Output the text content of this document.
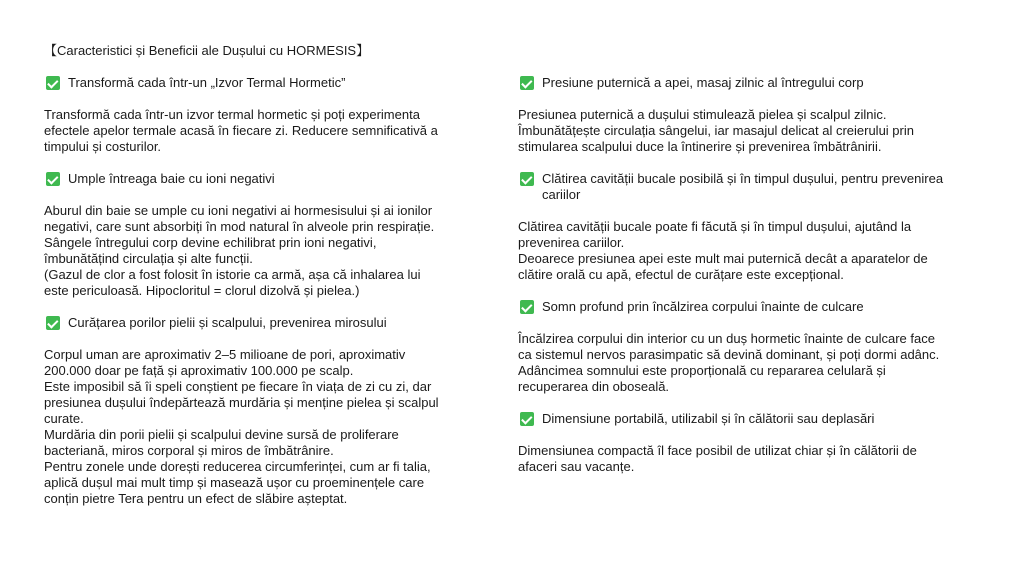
【Caracteristici și Beneficii ale Dușului cu HORMESIS】
Transformă cada într-un „Izvor Termal Hormetic”

Transformă cada într-un izvor termal hormetic și poți experimenta

efectele apelor termale acasă în fiecare zi. Reducere semnificativă a

timpului și costurilor.

Umple întreaga baie cu ioni negativi

Aburul din baie se umple cu ioni negativi ai hormesisului și ai ionilor

negativi, care sunt absorbiți în mod natural în alveole prin respirație.

Sângele întregului corp devine echilibrat prin ioni negativi,

îmbunătățind circulația și alte funcții.

(Gazul de clor a fost folosit în istorie ca armă, așa că inhalarea lui

este periculoasă. Hipocloritul = clorul dizolvă și pielea.)

Curățarea porilor pielii și scalpului, prevenirea mirosului

Corpul uman are aproximativ 2–5 milioane de pori, aproximativ

200.000 doar pe față și aproximativ 100.000 pe scalp.

Este imposibil să îi speli conștient pe fiecare în viața de zi cu zi, dar

presiunea dușului îndepărtează murdăria și menține pielea și scalpul

curate.

Murdăria din porii pielii și scalpului devine sursă de proliferare

bacteriană, miros corporal și miros de îmbătrânire.

Pentru zonele unde dorești reducerea circumferinței, cum ar fi talia,

aplică dușul mai mult timp și masează ușor cu proeminențele care

conțin pietre Tera pentru un efect de slăbire așteptat.

Presiune puternică a apei, masaj zilnic al întregului corp

Presiunea puternică a dușului stimulează pielea și scalpul zilnic.

Îmbunătățește circulația sângelui, iar masajul delicat al creierului prin

stimularea scalpului duce la întinerire și prevenirea îmbătrânirii.

Clătirea cavității bucale posibilă și în timpul dușului, pentru prevenirea cariilor

Clătirea cavității bucale poate fi făcută și în timpul dușului, ajutând la

prevenirea cariilor.

Deoarece presiunea apei este mult mai puternică decât a aparatelor de

clătire orală cu apă, efectul de curățare este excepțional.

Somn profund prin încălzirea corpului înainte de culcare

Încălzirea corpului din interior cu un duș hormetic înainte de culcare face

ca sistemul nervos parasimpatic să devină dominant, și poți dormi adânc.

Adâncimea somnului este proporțională cu repararea celulară și

recuperarea din oboseală.

Dimensiune portabilă, utilizabil și în călătorii sau deplasări

Dimensiunea compactă îl face posibil de utilizat chiar și în călătorii de

afaceri sau vacanțe.
